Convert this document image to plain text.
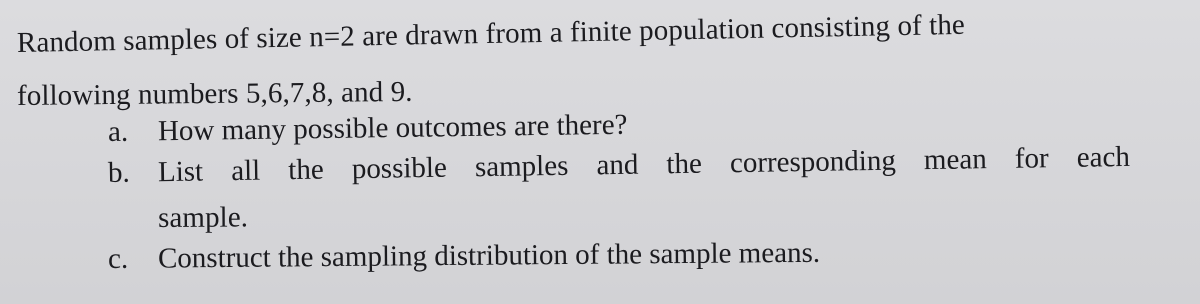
Random samples of size n=2 are drawn from a finite population consisting of the
following numbers 5,6,7,8, and 9.
a.	How many possible outcomes are there?
b. List all the possible samples and the corresponding mean for each
sample.
c.	Construct the sampling distribution of the sample means.
